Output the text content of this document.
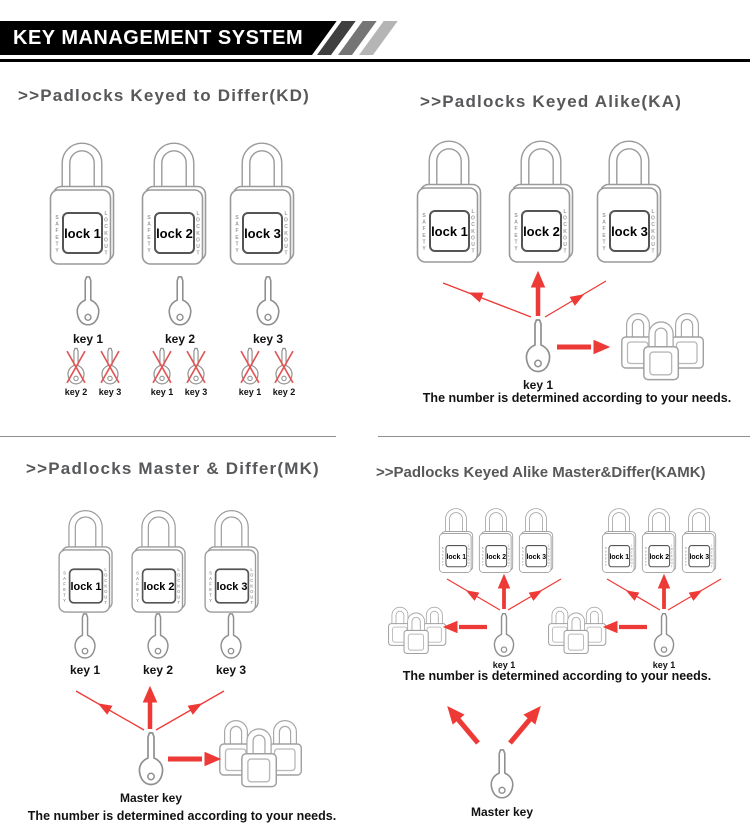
KEY MANAGEMENT SYSTEM
>>Padlocks Keyed to Differ(KD)
SAFETY	LOCKOUT
lock 1	SAFETY	LOCKOUT
lock 2	SAFETY	LOCKOUT
lock 3
key 1	key 2	key 3
key 2	key 3	key 1	key 3	key 1	key 2
>>Padlocks Keyed Alike(KA)
SAFETY	LOCKOUT
lock 1	SAFETY	LOCKOUT
lock 2	SAFETY	LOCKOUT
lock 3
key 1
The number is determined according to your needs.
>>Padlocks Master & Differ(MK)
SAFETY	LOCKOUT
lock 1	SAFETY	LOCKOUT
lock 2	SAFETY	LOCKOUT
lock 3
key 1	key 2	key 3
Master key
The number is determined according to your needs.
>>Padlocks Keyed Alike Master&Differ(KAMK)
SAFETY	LOCKOUT
lock 1	SAFETY	LOCKOUT
lock 2	SAFETY	LOCKOUT
lock 3	SAFETY	LOCKOUT
lock 1	SAFETY	LOCKOUT
lock 2	SAFETY	LOCKOUT
lock 3
key 1	key 1
The number is determined according to your needs.
Master key
